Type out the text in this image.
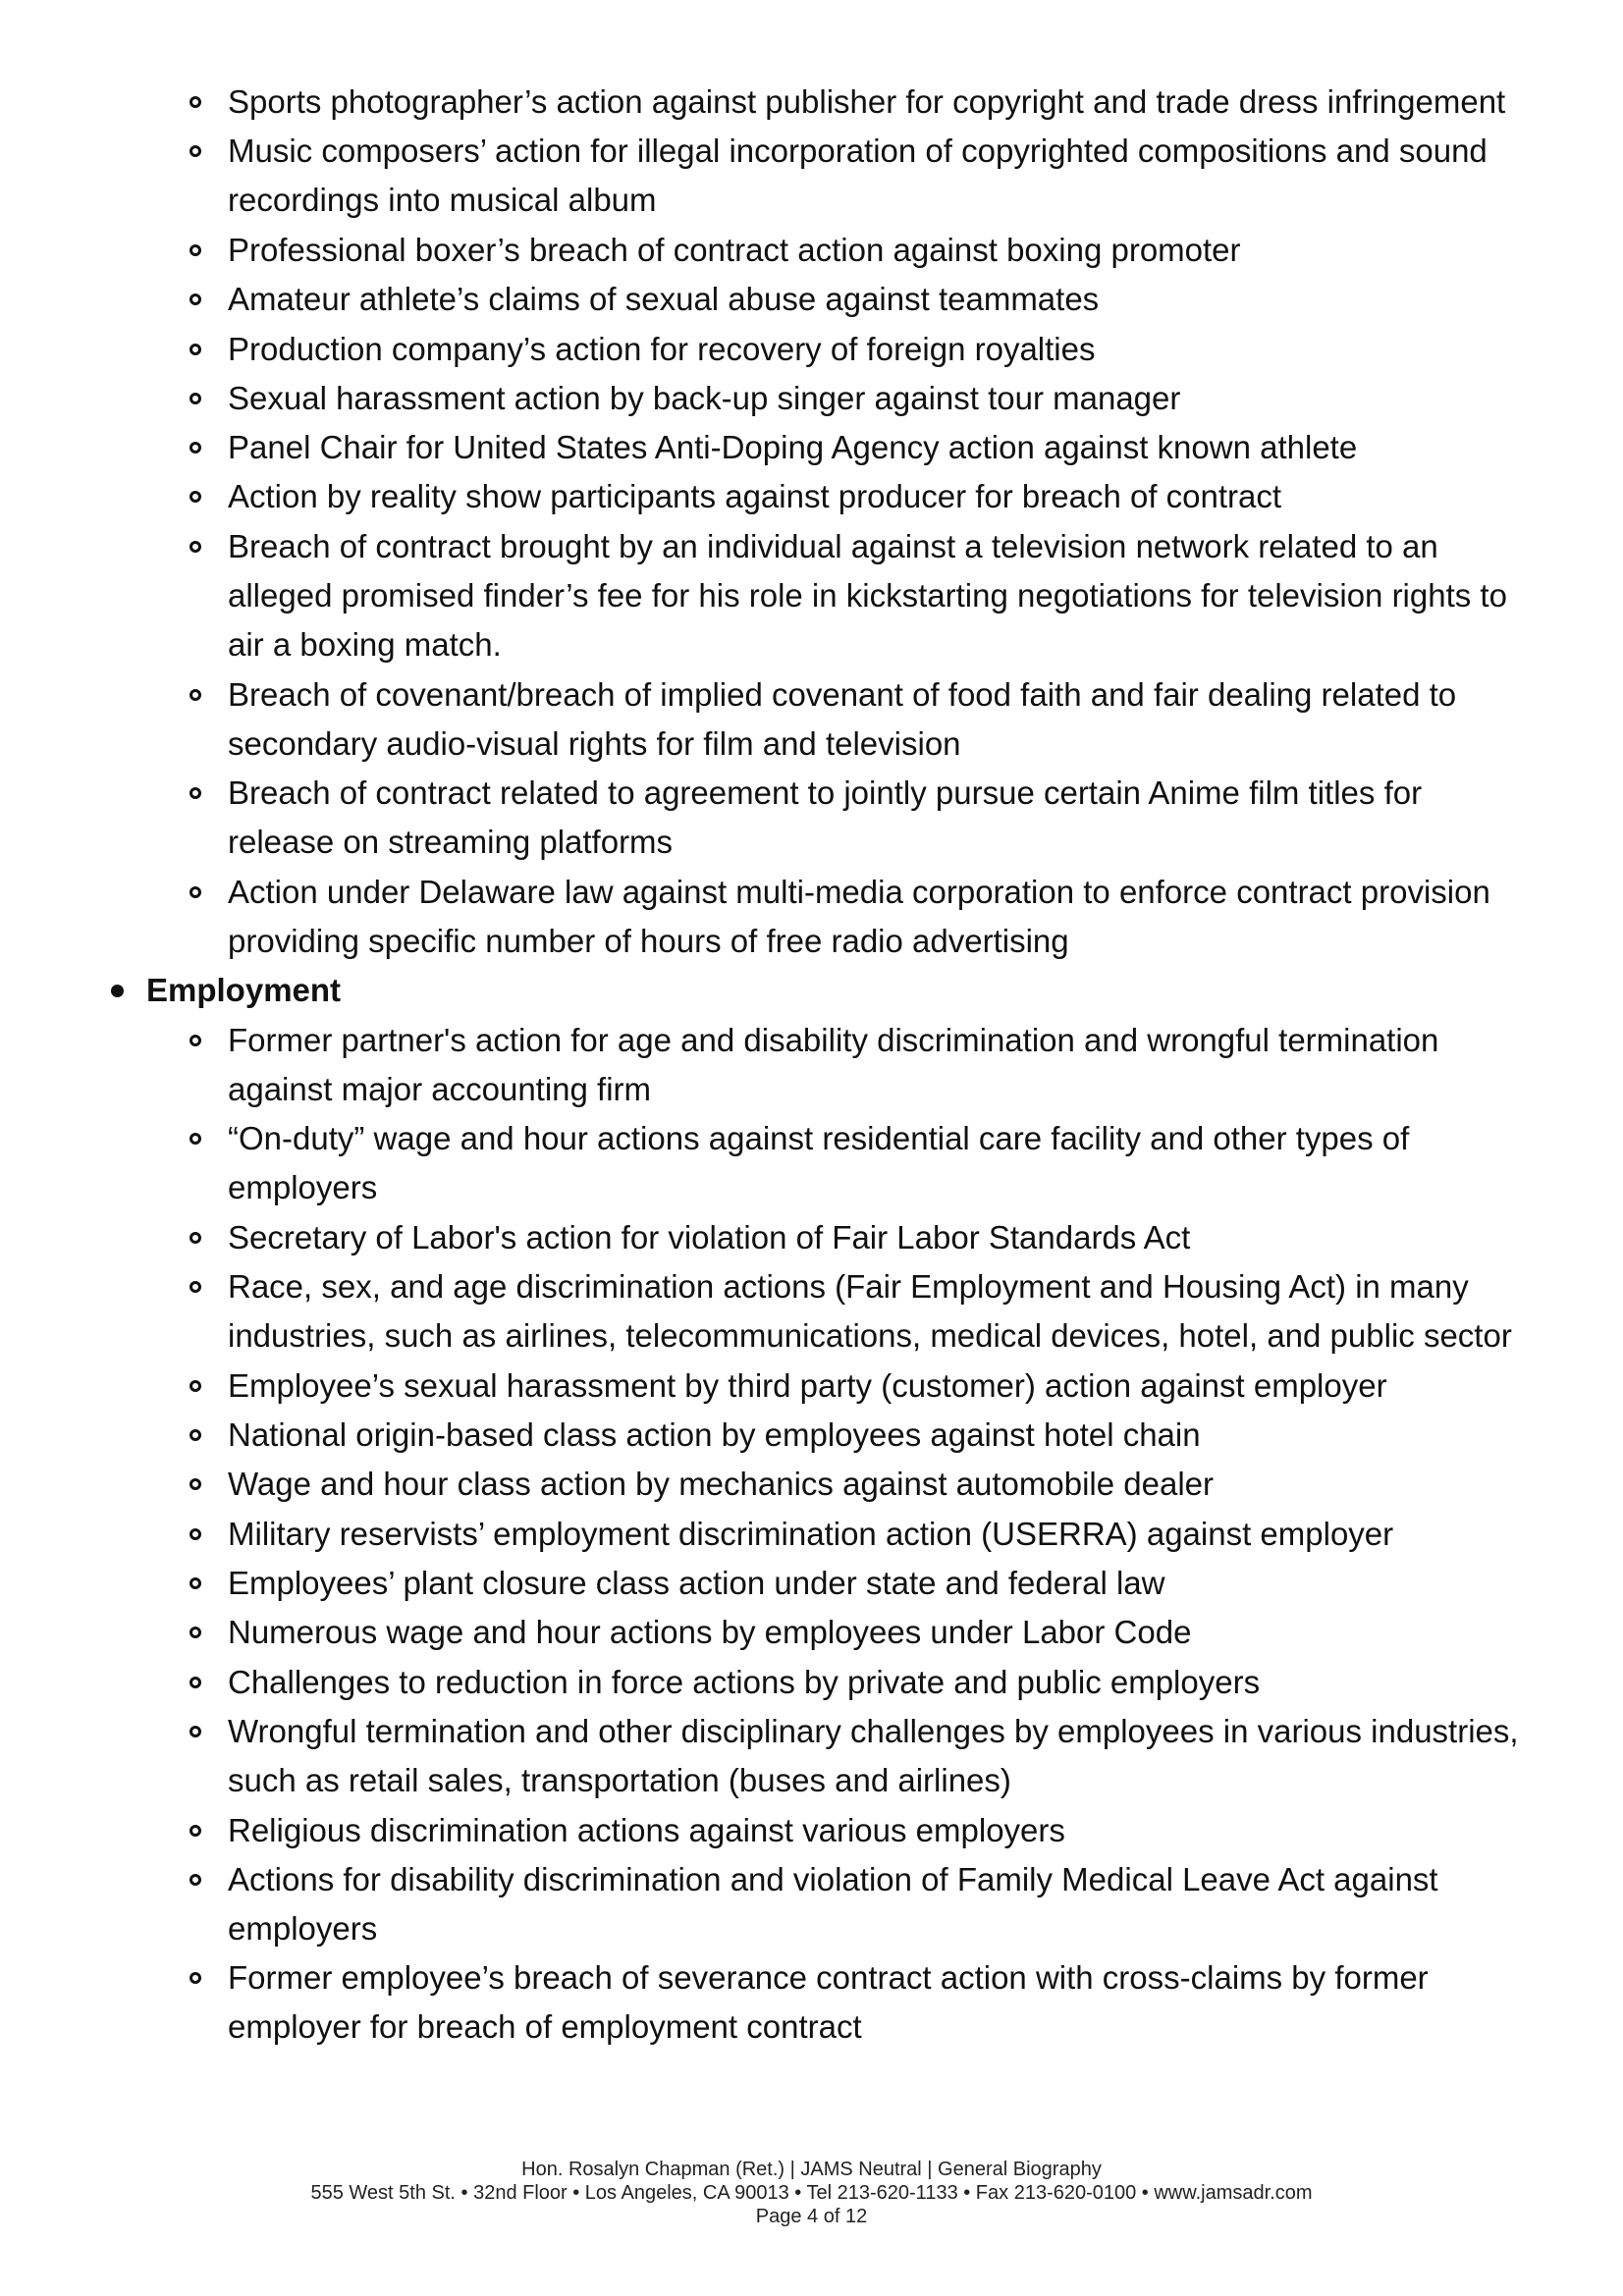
Sports photographer’s action against publisher for copyright and trade dress infringement
Music composers’ action for illegal incorporation of copyrighted compositions and sound
recordings into musical album
Professional boxer’s breach of contract action against boxing promoter
Amateur athlete’s claims of sexual abuse against teammates
Production company’s action for recovery of foreign royalties
Sexual harassment action by back-up singer against tour manager
Panel Chair for United States Anti-Doping Agency action against known athlete
Action by reality show participants against producer for breach of contract
Breach of contract brought by an individual against a television network related to an
alleged promised finder’s fee for his role in kickstarting negotiations for television rights to
air a boxing match.
Breach of covenant/breach of implied covenant of food faith and fair dealing related to
secondary audio-visual rights for film and television
Breach of contract related to agreement to jointly pursue certain Anime film titles for
release on streaming platforms
Action under Delaware law against multi-media corporation to enforce contract provision
providing specific number of hours of free radio advertising
Employment
Former partner's action for age and disability discrimination and wrongful termination
against major accounting firm
“On-duty” wage and hour actions against residential care facility and other types of
employers
Secretary of Labor's action for violation of Fair Labor Standards Act
Race, sex, and age discrimination actions (Fair Employment and Housing Act) in many
industries, such as airlines, telecommunications, medical devices, hotel, and public sector
Employee’s sexual harassment by third party (customer) action against employer
National origin-based class action by employees against hotel chain
Wage and hour class action by mechanics against automobile dealer
Military reservists’ employment discrimination action (USERRA) against employer
Employees’ plant closure class action under state and federal law
Numerous wage and hour actions by employees under Labor Code
Challenges to reduction in force actions by private and public employers
Wrongful termination and other disciplinary challenges by employees in various industries,
such as retail sales, transportation (buses and airlines)
Religious discrimination actions against various employers
Actions for disability discrimination and violation of Family Medical Leave Act against
employers
Former employee’s breach of severance contract action with cross-claims by former
employer for breach of employment contract
Hon. Rosalyn Chapman (Ret.) | JAMS Neutral | General Biography
555 West 5th St. • 32nd Floor • Los Angeles, CA 90013 • Tel 213-620-1133 • Fax 213-620-0100 • www.jamsadr.com
Page 4 of 12
